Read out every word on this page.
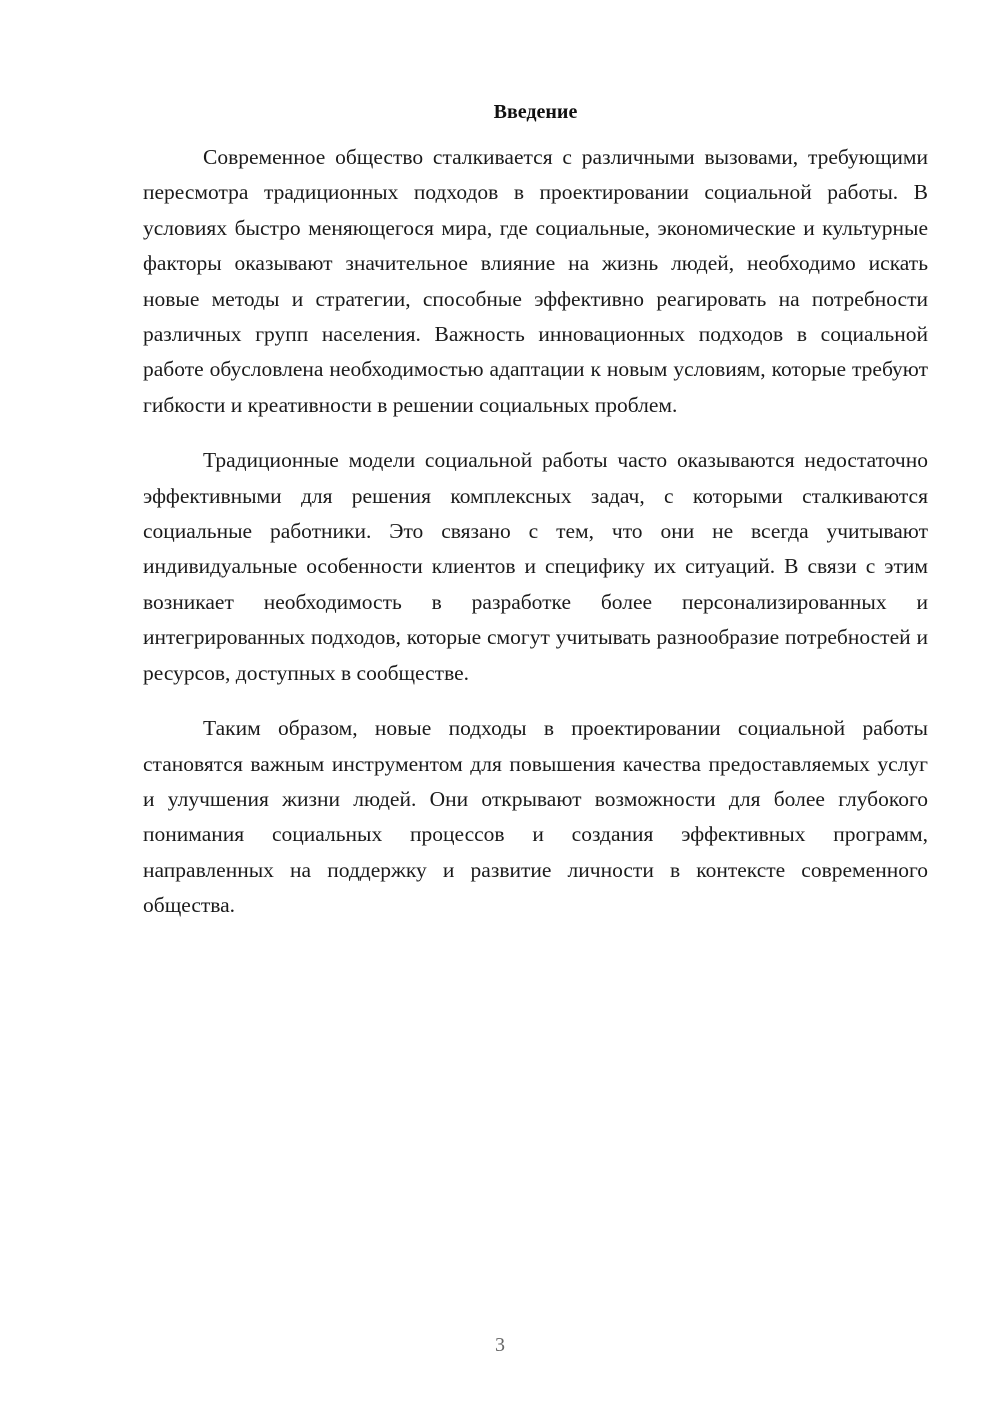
Введение

Современное общество сталкивается с различными вызовами, требующими пересмотра традиционных подходов в проектировании социальной работы. В условиях быстро меняющегося мира, где социальные, экономические и культурные факторы оказывают значительное влияние на жизнь людей, необходимо искать новые методы и стратегии, способные эффективно реагировать на потребности различных групп населения. Важность инновационных подходов в социальной работе обусловлена необходимостью адаптации к новым условиям, которые требуют гибкости и креативности в решении социальных проблем.

Традиционные модели социальной работы часто оказываются недостаточно эффективными для решения комплексных задач, с которыми сталкиваются социальные работники. Это связано с тем, что они не всегда учитывают индивидуальные особенности клиентов и специфику их ситуаций. В связи с этим возникает необходимость в разработке более персонализированных и интегрированных подходов, которые смогут учитывать разнообразие потребностей и ресурсов, доступных в сообществе.

Таким образом, новые подходы в проектировании социальной работы становятся важным инструментом для повышения качества предоставляемых услуг и улучшения жизни людей. Они открывают возможности для более глубокого понимания социальных процессов и создания эффективных программ, направленных на поддержку и развитие личности в контексте современного общества.

3
